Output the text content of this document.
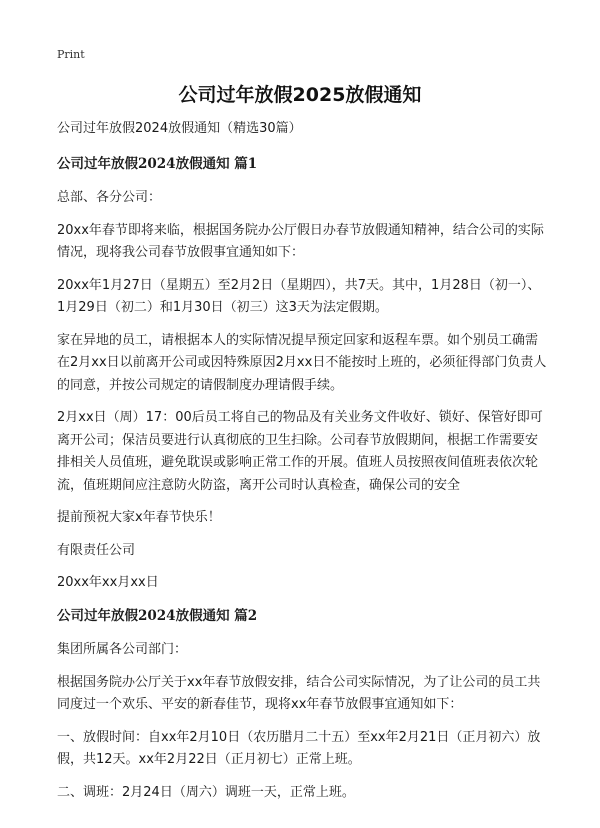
Print
公司过年放假2025放假通知

公司过年放假2024放假通知（精选30篇）

公司过年放假2024放假通知 篇1

总部、各分公司：

20xx年春节即将来临，根据国务院办公厅假日办春节放假通知精神，结合公司的实际情况，现将我公司春节放假事宜通知如下：

20xx年1月27日（星期五）至2月2日（星期四），共7天。其中，1月28日（初一）、1月29日（初二）和1月30日（初三）这3天为法定假期。

家在异地的员工，请根据本人的实际情况提早预定回家和返程车票。如个别员工确需在2月xx日以前离开公司或因特殊原因2月xx日不能按时上班的，必须征得部门负责人的同意，并按公司规定的请假制度办理请假手续。

2月xx日（周）17：00后员工将自己的物品及有关业务文件收好、锁好、保管好即可离开公司；保洁员要进行认真彻底的卫生扫除。公司春节放假期间，根据工作需要安排相关人员值班，避免耽误或影响正常工作的开展。值班人员按照夜间值班表依次轮流，值班期间应注意防火防盗，离开公司时认真检查，确保公司的安全

提前预祝大家x年春节快乐！

有限责任公司

20xx年xx月xx日

公司过年放假2024放假通知 篇2

集团所属各公司部门：

根据国务院办公厅关于xx年春节放假安排，结合公司实际情况，为了让公司的员工共同度过一个欢乐、平安的新春佳节，现将xx年春节放假事宜通知如下：

一、放假时间：自xx年2月10日（农历腊月二十五）至xx年2月21日（正月初六）放假，共12天。xx年2月22日（正月初七）正常上班。

二、调班：2月24日（周六）调班一天，正常上班。
